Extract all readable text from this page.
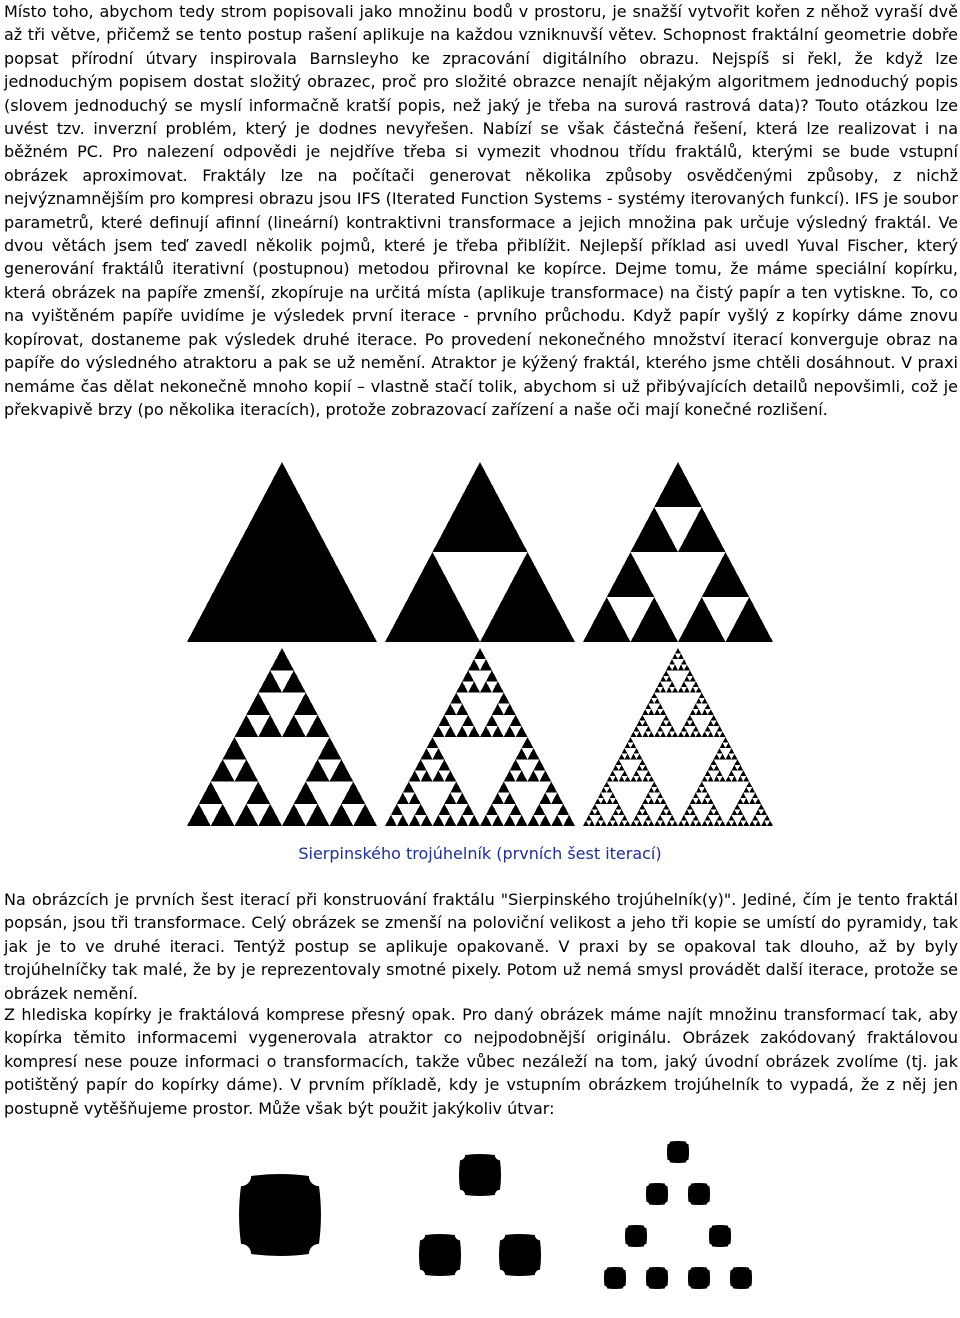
Místo toho, abychom tedy strom popisovali jako množinu bodů v prostoru, je snažší vytvořit kořen z něhož vyraší dvě až tři větve, přičemž se tento postup rašení aplikuje na každou vzniknuvší větev. Schopnost fraktální geometrie dobře popsat přírodní útvary inspirovala Barnsleyho ke zpracování digitálního obrazu. Nejspíš si řekl, že když lze jednoduchým popisem dostat složitý obrazec, proč pro složité obrazce nenajít nějakým algoritmem jednoduchý popis (slovem jednoduchý se myslí informačně kratší popis, než jaký je třeba na surová rastrová data)? Touto otázkou lze uvést tzv. inverzní problém, který je dodnes nevyřešen. Nabízí se však částečná řešení, která lze realizovat i na běžném PC. Pro nalezení odpovědi je nejdříve třeba si vymezit vhodnou třídu fraktálů, kterými se bude vstupní obrázek aproximovat. Fraktály lze na počítači generovat několika způsoby osvědčenými způsoby, z nichž nejvýznamnějším pro kompresi obrazu jsou IFS (Iterated Function Systems - systémy iterovaných funkcí). IFS je soubor parametrů, které definují afinní (lineární) kontraktivni transformace a jejich množina pak určuje výsledný fraktál. Ve dvou větách jsem teď zavedl několik pojmů, které je třeba přiblížit. Nejlepší příklad asi uvedl Yuval Fischer, který generování fraktálů iterativní (postupnou) metodou přirovnal ke kopírce. Dejme tomu, že máme speciální kopírku, která obrázek na papíře zmenší, zkopíruje na určitá místa (aplikuje transformace) na čistý papír a ten vytiskne. To, co na vyištěném papíře uvidíme je výsledek první iterace - prvního průchodu. Když papír vyšlý z kopírky dáme znovu kopírovat, dostaneme pak výsledek druhé iterace. Po provedení nekonečného množství iterací konverguje obraz na papíře do výsledného atraktoru a pak se už nemění. Atraktor je kýžený fraktál, kterého jsme chtěli dosáhnout. V praxi nemáme čas dělat nekonečně mnoho kopií – vlastně stačí tolik, abychom si už přibývajících detailů nepovšimli, což je překvapivě brzy (po několika iteracích), protože zobrazovací zařízení a naše oči mají konečné rozlišení.

Sierpinského trojúhelník (prvních šest iterací)

Na obrázcích je prvních šest iterací při konstruování fraktálu "Sierpinského trojúhelník(y)". Jediné, čím je tento fraktál popsán, jsou tři transformace. Celý obrázek se zmenší na poloviční velikost a jeho tři kopie se umístí do pyramidy, tak jak je to ve druhé iteraci. Tentýž postup se aplikuje opakovaně. V praxi by se opakoval tak dlouho, až by byly trojúhelníčky tak malé, že by je reprezentovaly smotné pixely. Potom už nemá smysl provádět další iterace, protože se obrázek nemění.

Z hlediska kopírky je fraktálová komprese přesný opak. Pro daný obrázek máme najít množinu transformací tak, aby kopírka těmito informacemi vygenerovala atraktor co nejpodobnější originálu. Obrázek zakódovaný fraktálovou kompresí nese pouze informaci o transformacích, takže vůbec nezáleží na tom, jaký úvodní obrázek zvolíme (tj. jak potištěný papír do kopírky dáme). V prvním příkladě, kdy je vstupním obrázkem trojúhelník to vypadá, že z něj jen postupně vytěšňujeme prostor. Může však být použit jakýkoliv útvar:
